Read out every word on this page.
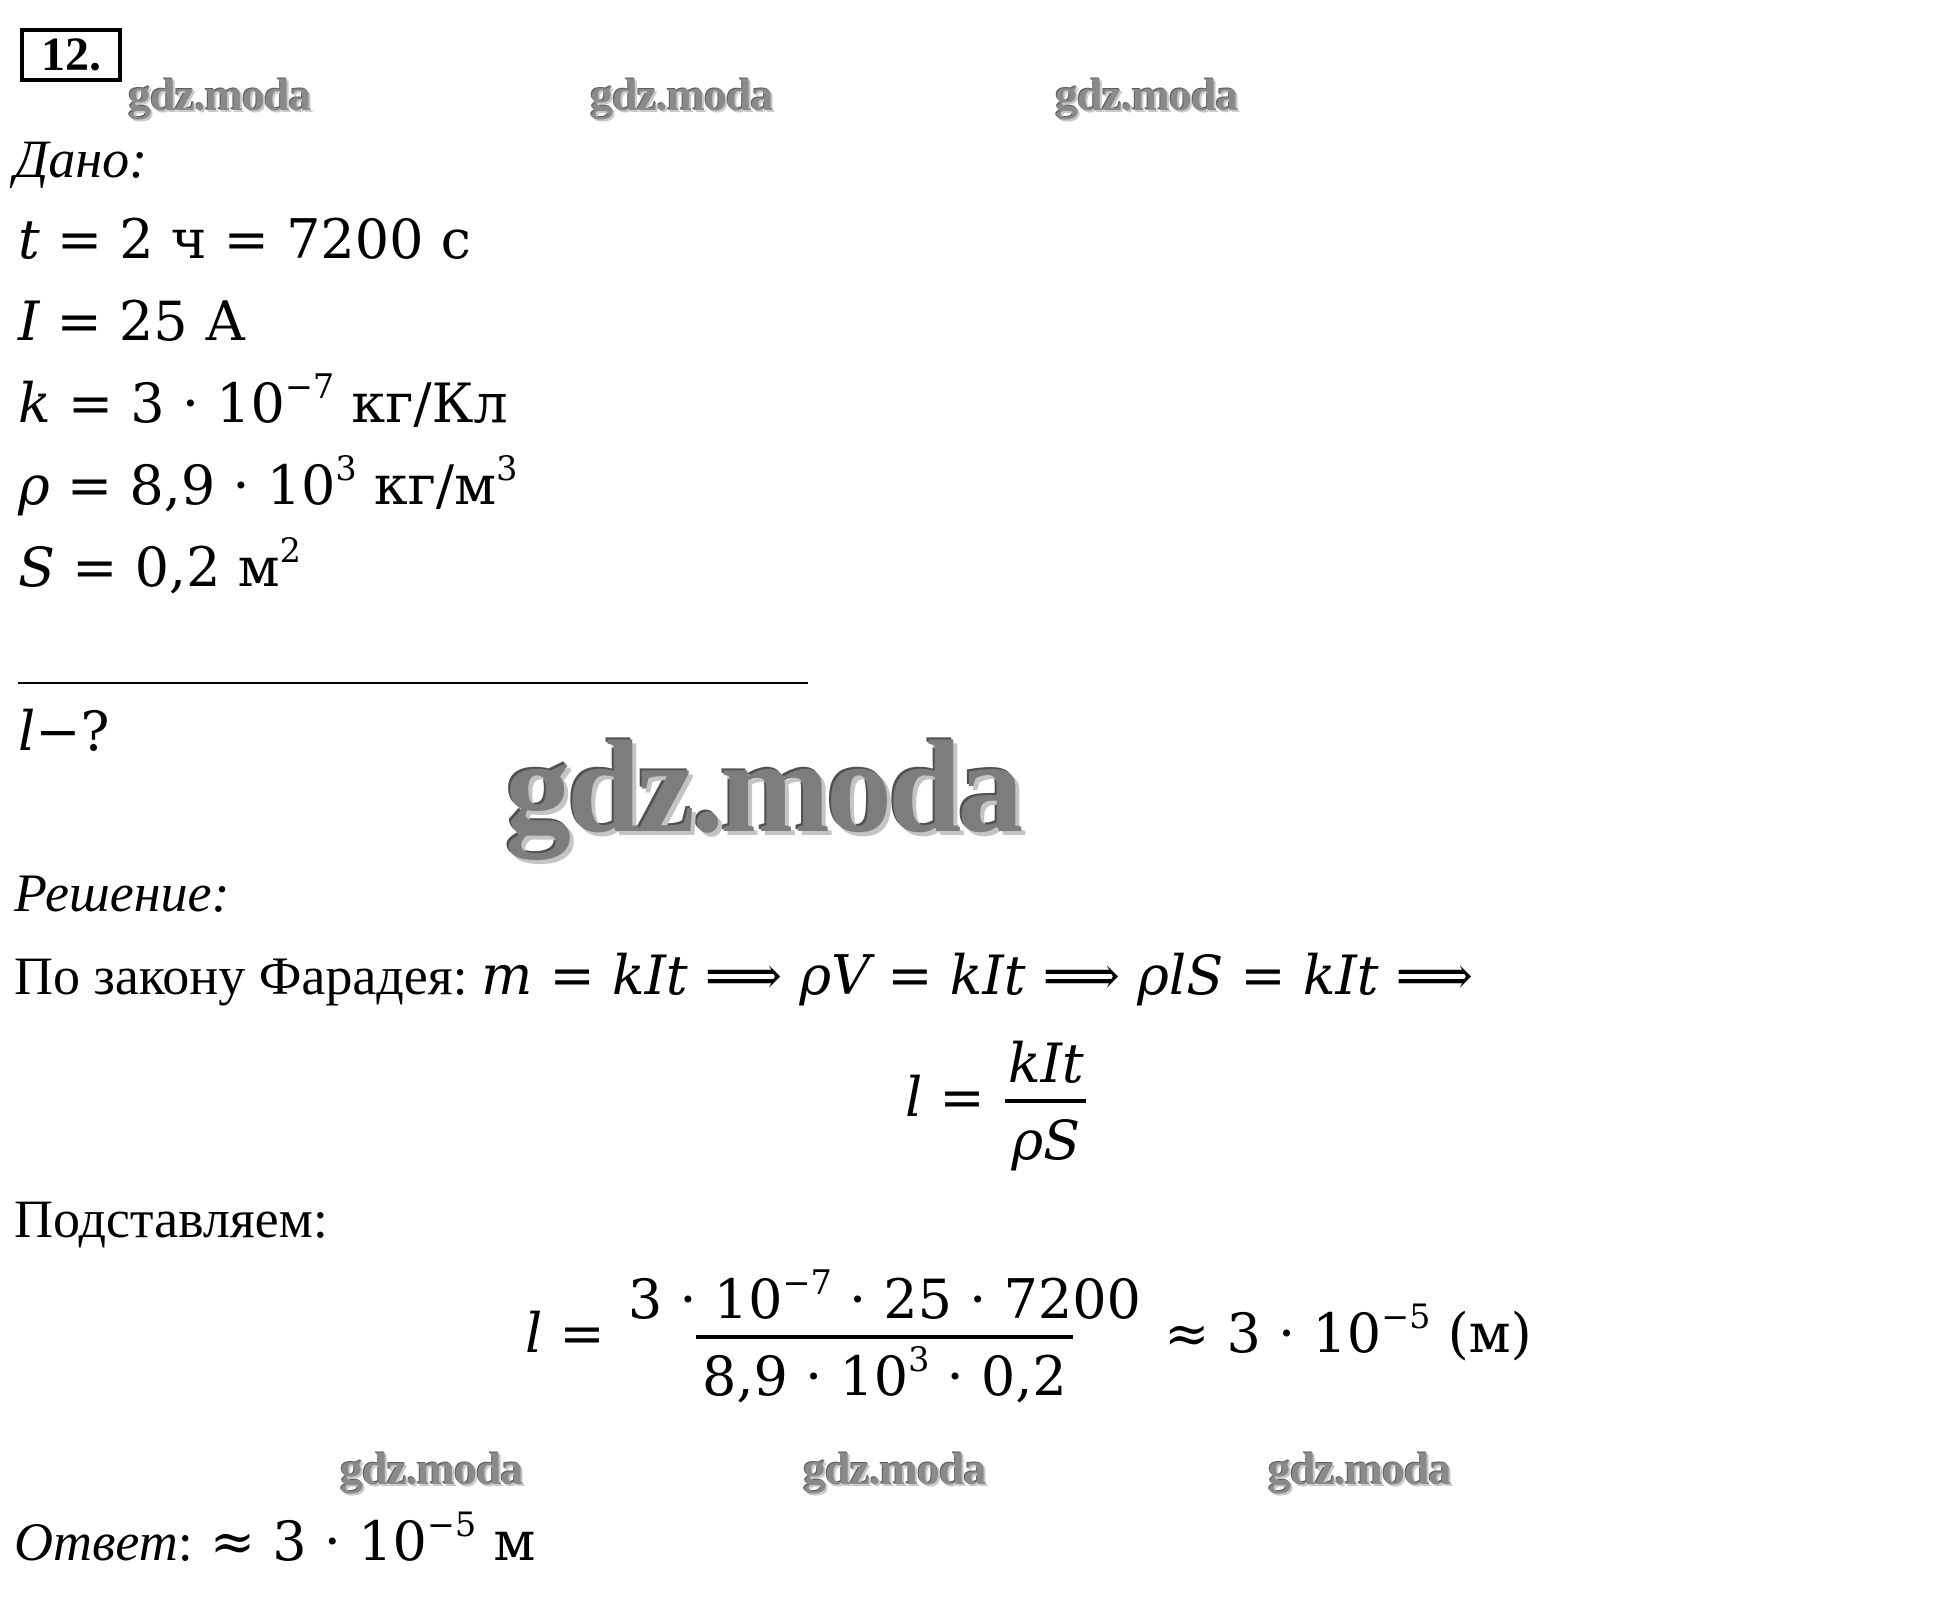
12.
gdz.moda	gdz.moda	gdz.moda
gdz.moda
gdz.moda	gdz.moda	gdz.moda
Дано:
t = 2 ч = 7200 с
I = 25 А
$k = 3 \cdot 10^{-7}$ кг/Кл
$\rho = 8,9 \cdot 10^3$ $кг/м^3$
S = 0,2 $м^2$
l−?
Решение:
По закону Фарадея: m = kIt ⟹ ρV = kIt ⟹ ρlS = kIt ⟹
$l = \frac{\text{kIt}}{\rho S}$
Подставляем:
$l = \frac{3 \cdot 10^{-7} \cdot 25 \cdot 7200}{8,9 \cdot 10^3 \cdot 0,2} \approx 3 \cdot 10^{-5}$ (м)
Ответ: ≈ $3 \cdot 10^{-5}$ м
